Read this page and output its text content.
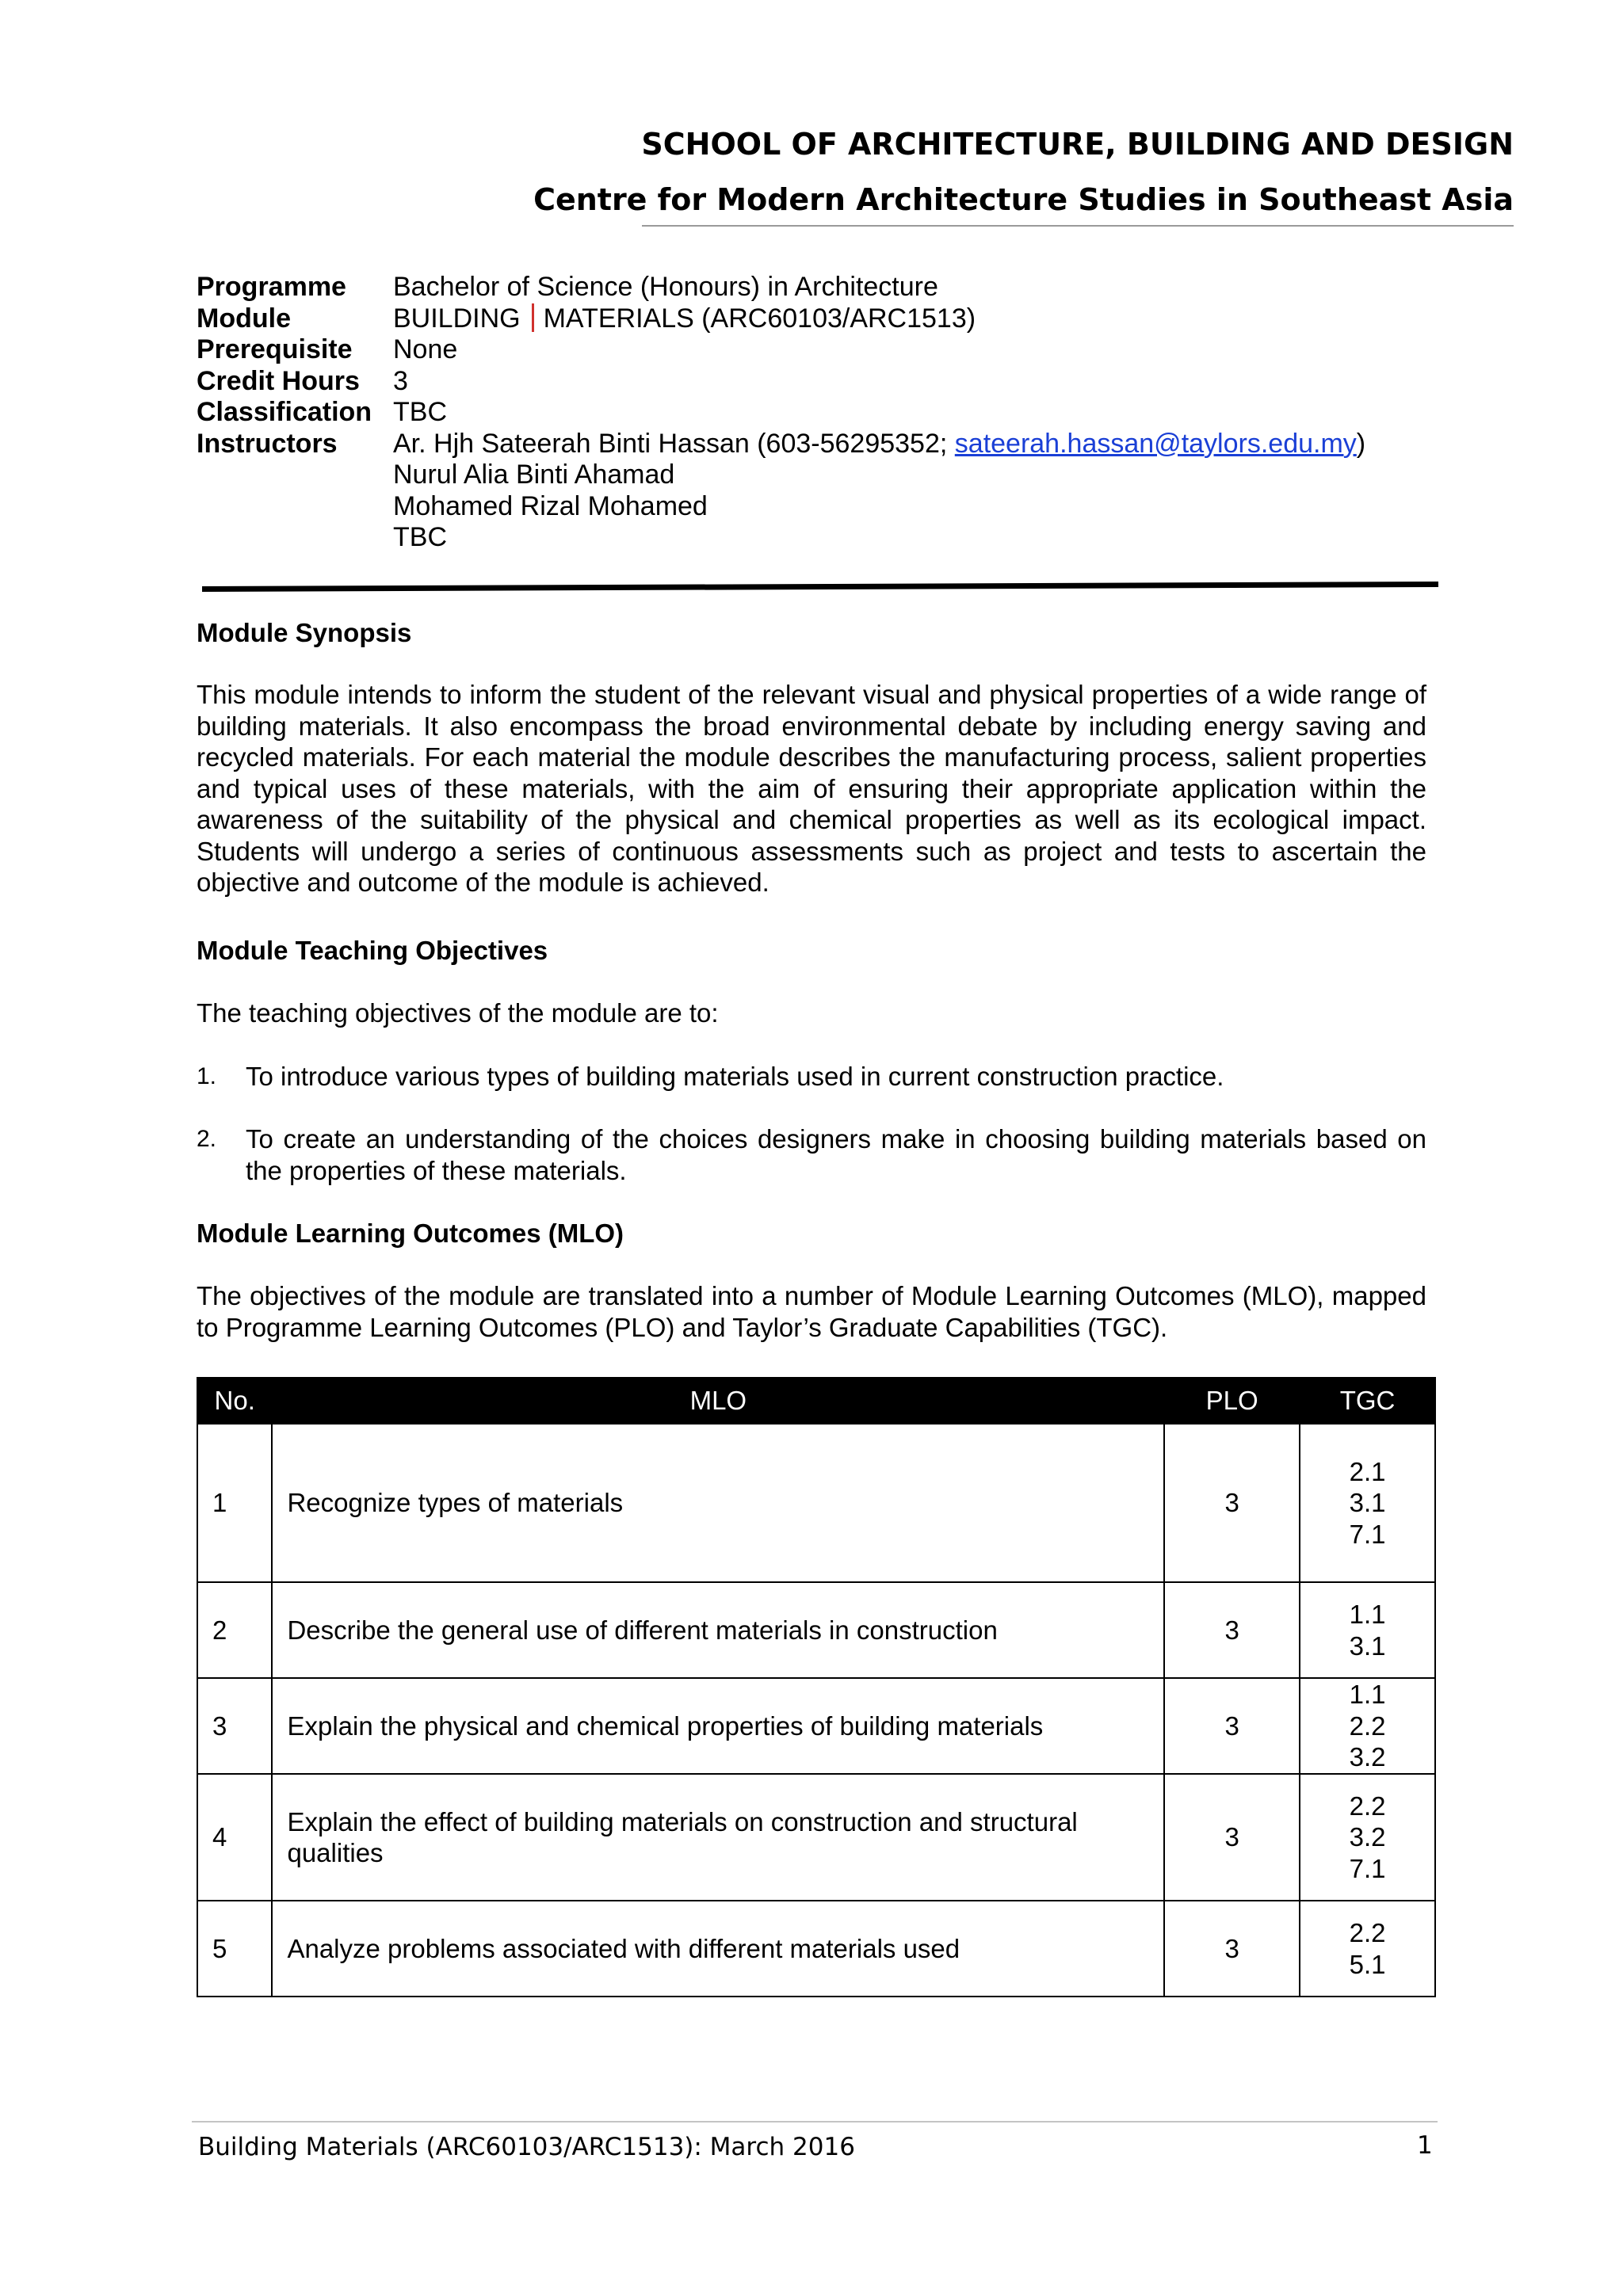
SCHOOL OF ARCHITECTURE, BUILDING AND DESIGN
Centre for Modern Architecture Studies in Southeast Asia
Programme	Bachelor of Science (Honours) in Architecture
Module	BUILDING MATERIALS (ARC60103/ARC1513)
Prerequisite	None
Credit Hours	3
Classification TBC
Instructors	Ar. Hjh Sateerah Binti Hassan (603-56295352; sateerah.hassan@taylors.edu.my)
Nurul Alia Binti Ahamad
Mohamed Rizal Mohamed
TBC
Module Synopsis
This module intends to inform the student of the relevant visual and physical properties of a wide range of building materials. It also encompass the broad environmental debate by including energy saving and recycled materials. For each material the module describes the manufacturing process, salient properties and typical uses of these materials, with the aim of ensuring their appropriate application within the awareness of the suitability of the physical and chemical properties as well as its ecological impact. Students will undergo a series of continuous assessments such as project and tests to ascertain the objective and outcome of the module is achieved.
Module Teaching Objectives
The teaching objectives of the module are to:
1.	To introduce various types of building materials used in current construction practice.
2.	To create an understanding of the choices designers make in choosing building materials based on the properties of these materials.
Module Learning Outcomes (MLO)
The objectives of the module are translated into a number of Module Learning Outcomes (MLO), mapped to Programme Learning Outcomes (PLO) and Taylor’s Graduate Capabilities (TGC).
No.	MLO	PLO	TGC
1	Recognize types of materials	3	2.1
3.1
7.1

2	Describe the general use of different materials in construction	3	1.1
3.1

3	Explain the physical and chemical properties of building materials	3	1.1
2.2
3.2

4	Explain the effect of building materials on construction and structural qualities	3	2.2
3.2
7.1

5	Analyze problems associated with different materials used	3	2.2
5.1
Building Materials (ARC60103/ARC1513): March 2016	1
